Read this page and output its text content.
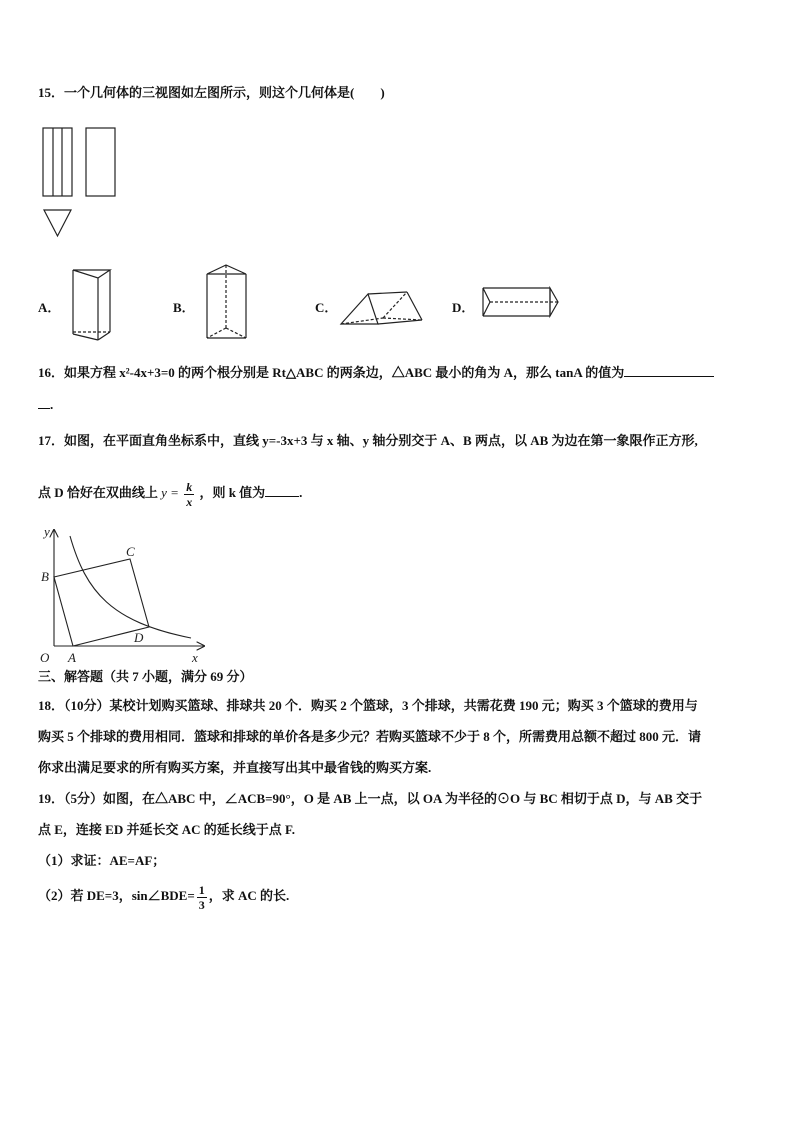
15．一个几何体的三视图如左图所示，则这个几何体是(　　)
A．	B．	C．	D．
16．如果方程 x²-4x+3=0 的两个根分别是 Rt△ABC 的两条边，△ABC 最小的角为 A，那么 tanA 的值为
.
17．如图，在平面直角坐标系中，直线 y=-3x+3 与 x 轴、y 轴分别交于 A、B 两点，以 AB 为边在第一象限作正方形,
点 D 恰好在双曲线上 $y = \frac{k}{x}$ ，则 k 值为	.
y
x
O A
B
C
D
三、解答题（共 7 小题，满分 69 分）
18．（10分）某校计划购买篮球、排球共 20 个．购买 2 个篮球，3 个排球，共需花费 190 元；购买 3 个篮球的费用与
购买 5 个排球的费用相同．篮球和排球的单价各是多少元？若购买篮球不少于 8 个，所需费用总额不超过 800 元．请
你求出满足要求的所有购买方案，并直接写出其中最省钱的购买方案.
19．（5分）如图，在△ABC 中，∠ACB=90°，O 是 AB 上一点，以 OA 为半径的⊙O 与 BC 相切于点 D，与 AB 交于
点 E，连接 ED 并延长交 AC 的延长线于点 F.
（1）求证：AE=AF；
（2）若 DE=3，sin∠BDE= $\frac{1}{3}$ ，求 AC 的长.
